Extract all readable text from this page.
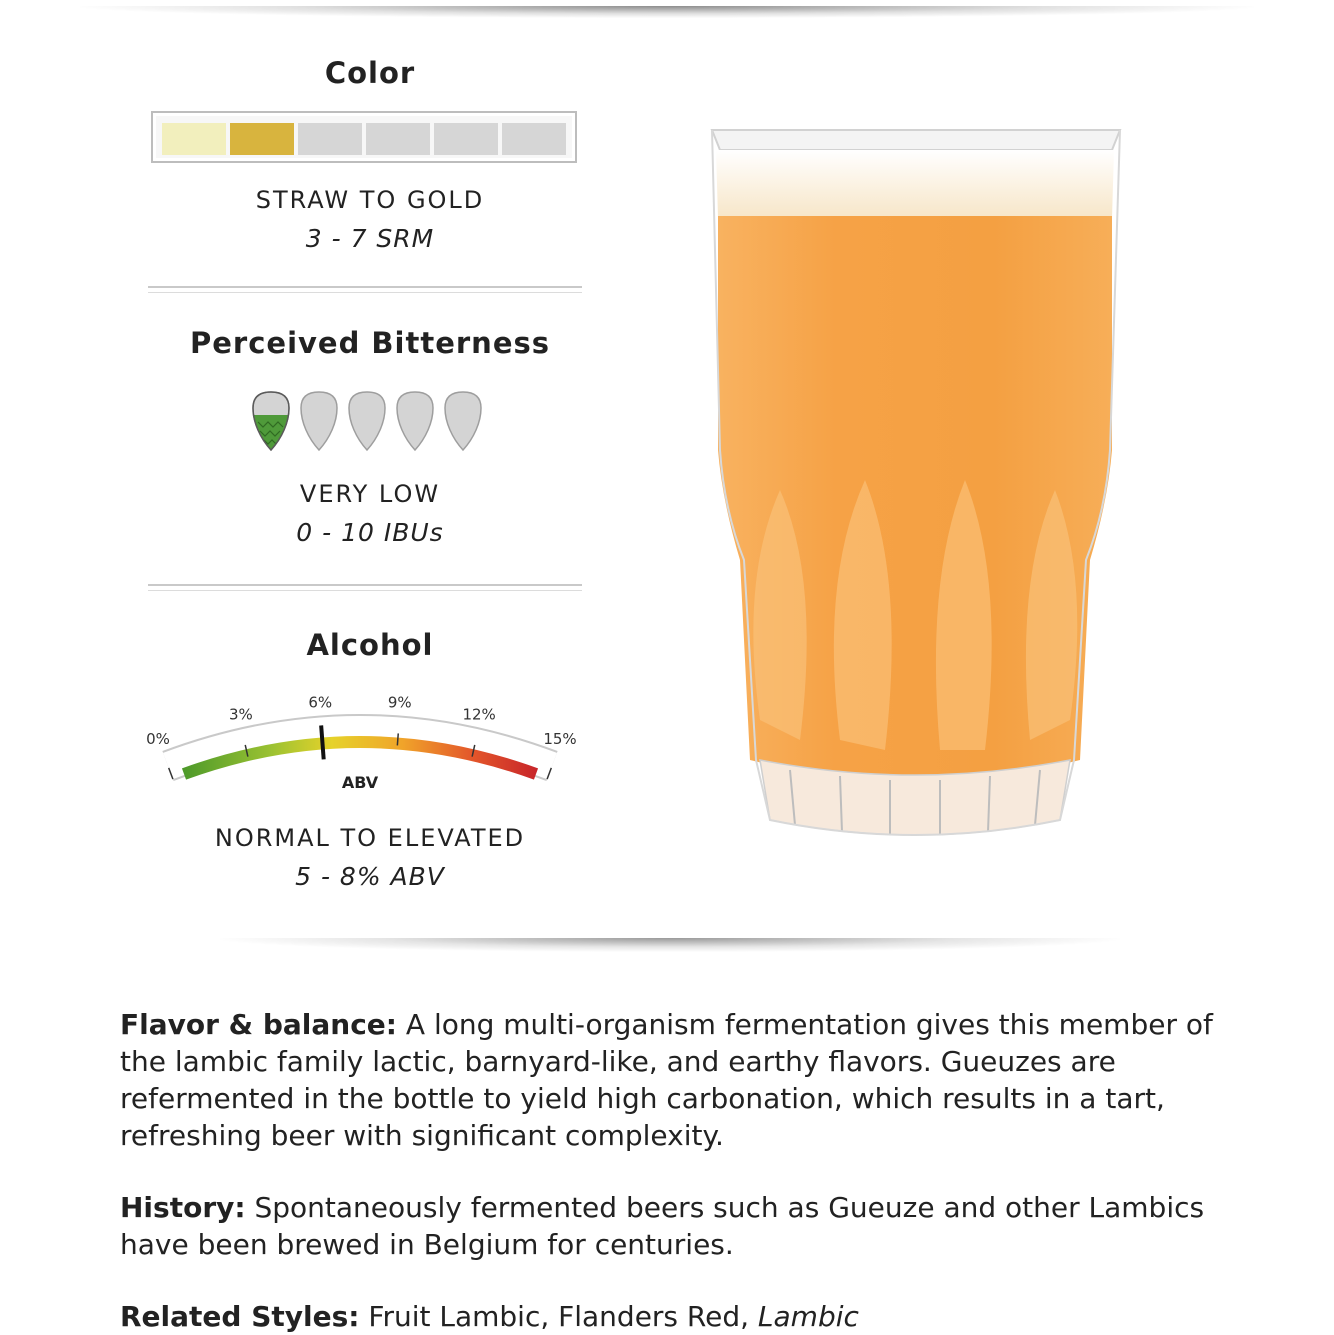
Color
STRAW TO GOLD
3 - 7 SRM
Perceived Bitterness
VERY LOW
0 - 10 IBUs
Alcohol
0%
3%
6%	9%
12%
15%
ABV
NORMAL TO ELEVATED
5 - 8% ABV
Flavor & balance: A long multi-organism fermentation gives this member of the lambic family lactic, barnyard-like, and earthy flavors. Gueuzes are refermented in the bottle to yield high carbonation, which results in a tart, refreshing beer with significant complexity.
History: Spontaneously fermented beers such as Gueuze and other Lambics have been brewed in Belgium for centuries.
Related Styles: Fruit Lambic, Flanders Red, Lambic
